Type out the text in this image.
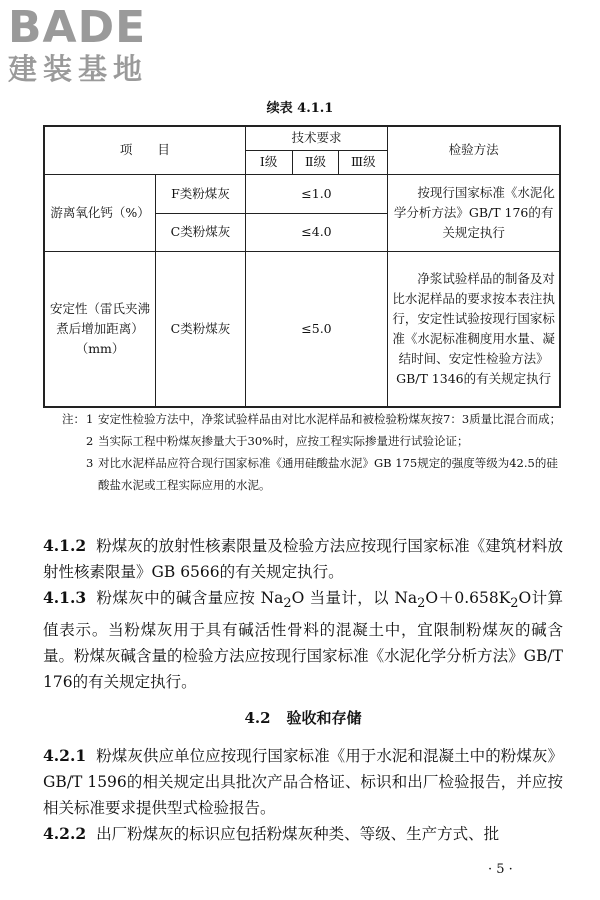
BADE
建装基地
续表 4.1.1
项　　目		技术要求			检验方法
		Ⅰ级	Ⅱ级	Ⅲ级	
游离氧化钙（%）	F类粉煤灰	≤1.0			按现行国家标准《水泥化学分析方法》GB/T 176的有关规定执行
	C类粉煤灰	≤4.0			
安定性（雷氏夹沸煮后增加距离）（mm）	C类粉煤灰	≤5.0			净浆试验样品的制备及对比水泥样品的要求按本表注执行，安定性试验按现行国家标准《水泥标准稠度用水量、凝结时间、安定性检验方法》GB/T 1346的有关规定执行
注： 1 安定性检验方法中，净浆试验样品由对比水泥样品和被检验粉煤灰按7：3质量比混合而成；
2 当实际工程中粉煤灰掺量大于30%时，应按工程实际掺量进行试验论证；
3 对比水泥样品应符合现行国家标准《通用硅酸盐水泥》GB 175规定的强度等级为42.5的硅酸盐水泥或工程实际应用的水泥。

4.1.2 粉煤灰的放射性核素限量及检验方法应按现行国家标准《建筑材料放射性核素限量》GB 6566的有关规定执行。

4.1.3 粉煤灰中的碱含量应按 $Na_2O$ 当量计，以 $Na_2O+0.658K_2O$计算值表示。当粉煤灰用于具有碱活性骨料的混凝土中，宜限制粉煤灰的碱含量。粉煤灰碱含量的检验方法应按现行国家标准《水泥化学分析方法》GB/T 176的有关规定执行。

4.2 验收和存储

4.2.1 粉煤灰供应单位应按现行国家标准《用于水泥和混凝土中的粉煤灰》GB/T 1596的相关规定出具批次产品合格证、标识和出厂检验报告，并应按相关标准要求提供型式检验报告。

4.2.2 出厂粉煤灰的标识应包括粉煤灰种类、等级、生产方式、批

· 5 ·
